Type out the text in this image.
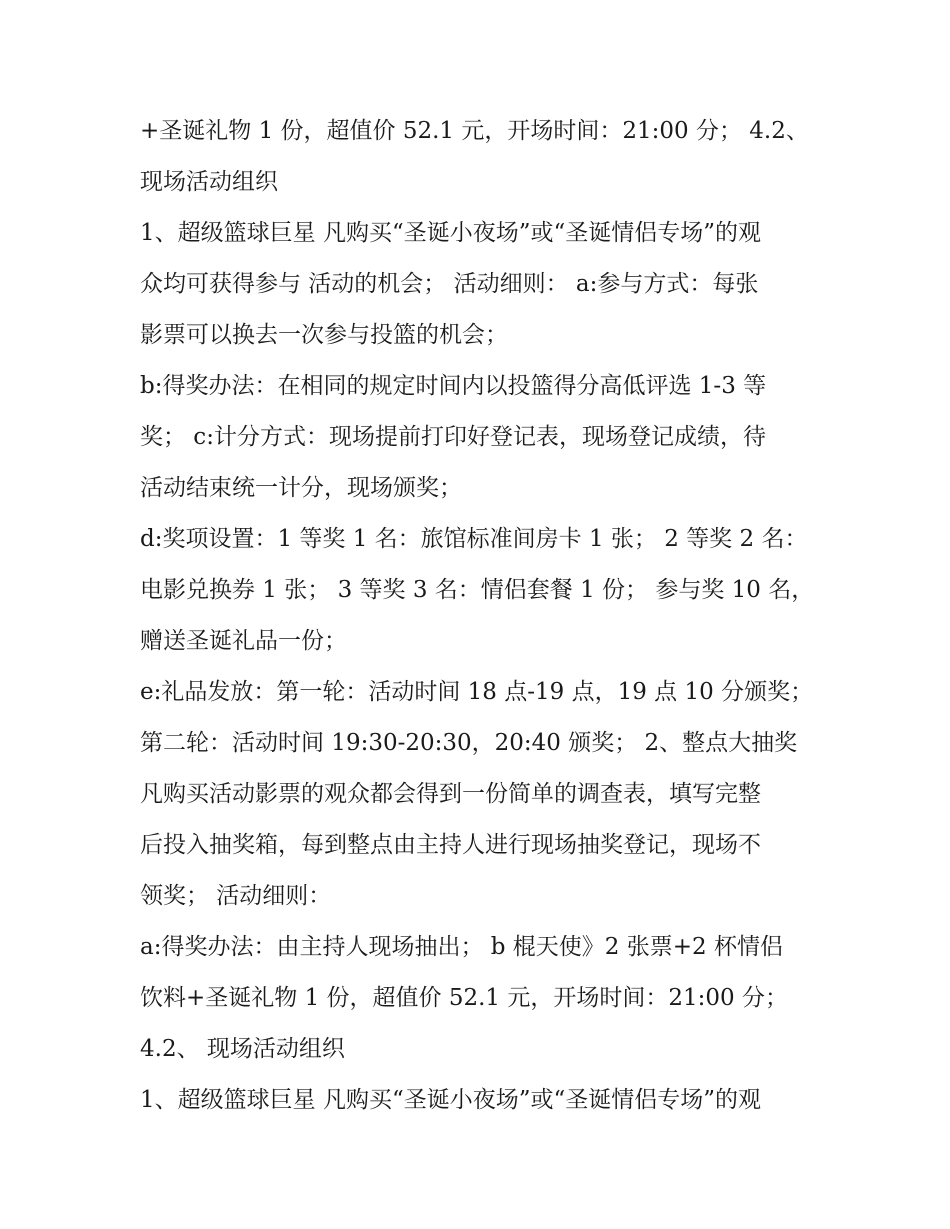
+圣诞礼物 1 份，超值价 52.1 元，开场时间：21:00 分； 4.2、
现场活动组织
1、超级篮球巨星 凡购买“圣诞小夜场”或“圣诞情侣专场”的观
众均可获得参与 活动的机会； 活动细则： a:参与方式：每张
影票可以换去一次参与投篮的机会；
b:得奖办法：在相同的规定时间内以投篮得分高低评选 1-3 等
奖； c:计分方式：现场提前打印好登记表，现场登记成绩，待
活动结束统一计分，现场颁奖；
d:奖项设置：1 等奖 1 名：旅馆标准间房卡 1 张； 2 等奖 2 名：
电影兑换券 1 张； 3 等奖 3 名：情侣套餐 1 份； 参与奖 10 名，
赠送圣诞礼品一份；
e:礼品发放：第一轮：活动时间 18 点-19 点，19 点 10 分颁奖；
第二轮：活动时间 19:30-20:30，20:40 颁奖； 2、整点大抽奖
凡购买活动影票的观众都会得到一份简单的调查表，填写完整
后投入抽奖箱，每到整点由主持人进行现场抽奖登记，现场不
领奖； 活动细则：
a:得奖办法：由主持人现场抽出； b 棍天使》2 张票+2 杯情侣
饮料+圣诞礼物 1 份，超值价 52.1 元，开场时间：21:00 分；
4.2、 现场活动组织
1、超级篮球巨星 凡购买“圣诞小夜场”或“圣诞情侣专场”的观
